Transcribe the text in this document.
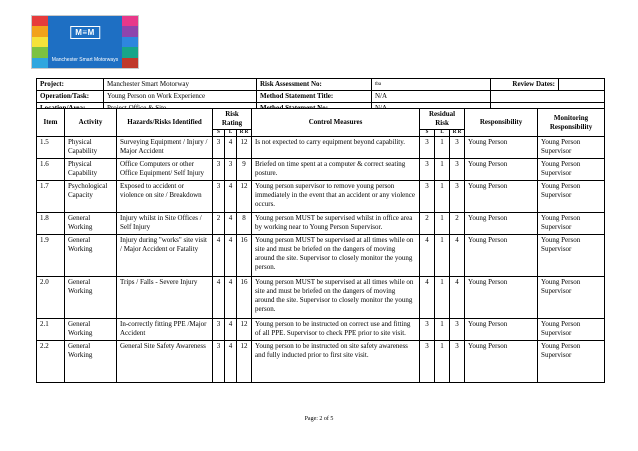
M≡M
Manchester Smart Motorways
Project:	Manchester Smart Motorway	Risk Assessment No:	tba	Review Dates:	
Operation/Task:	Young Person on Work Experience	Method Statement Title:	N/A		

Item	Activity	Hazards/Risks Identified	Risk Rating			Control Measures	Residual Risk			Responsibility	Monitoring Responsibility
			S	L	R R		S	L	R R		
1.5	Physical Capability	Surveying Equipment / Injury / Major Accident	3	4	12	Is not expected to carry equipment beyond capability.	3	1	3	Young Person	Young Person Supervisor
1.6	Physical Capability	Office Computers or other Office Equipment/ Self Injury	3	3	9	Briefed on time spent at a computer & correct seating posture.	3	1	3	Young Person	Young Person Supervisor
1.7	Psychological Capacity	Exposed to accident or violence on site / Breakdown	3	4	12	Young person supervisor to remove young person immediately in the event that an accident or any violence occurs.	3	1	3	Young Person	Young Person Supervisor
1.8	General Working	Injury whilst in Site Offices / Self Injury	2	4	8	Young person MUST be supervised whilst in office area by working near to Young Person Supervisor.	2	1	2	Young Person	Young Person Supervisor
1.9	General Working	Injury during "works" site visit / Major Accident or Fatality	4	4	16	Young person MUST be supervised at all times while on site and must be briefed on the dangers of moving around the site. Supervisor to closely monitor the young person.	4	1	4	Young Person	Young Person Supervisor
2.0	General Working	Trips / Falls - Severe Injury	4	4	16	Young person MUST be supervised at all times while on site and must be briefed on the dangers of moving around the site. Supervisor to closely monitor the young person.	4	1	4	Young Person	Young Person Supervisor
2.1	General Working	In-correctly fitting PPE /Major Accident	3	4	12	Young person to be instructed on correct use and fitting of all PPE. Supervisor to check PPE prior to site visit.	3	1	3	Young Person	Young Person Supervisor
2.2	General Working	General Site Safety Awareness	3	4	12	Young person to be instructed on site safety awareness and fully inducted prior to first site visit.	3	1	3	Young Person	Young Person Supervisor
Page: 2 of 5
